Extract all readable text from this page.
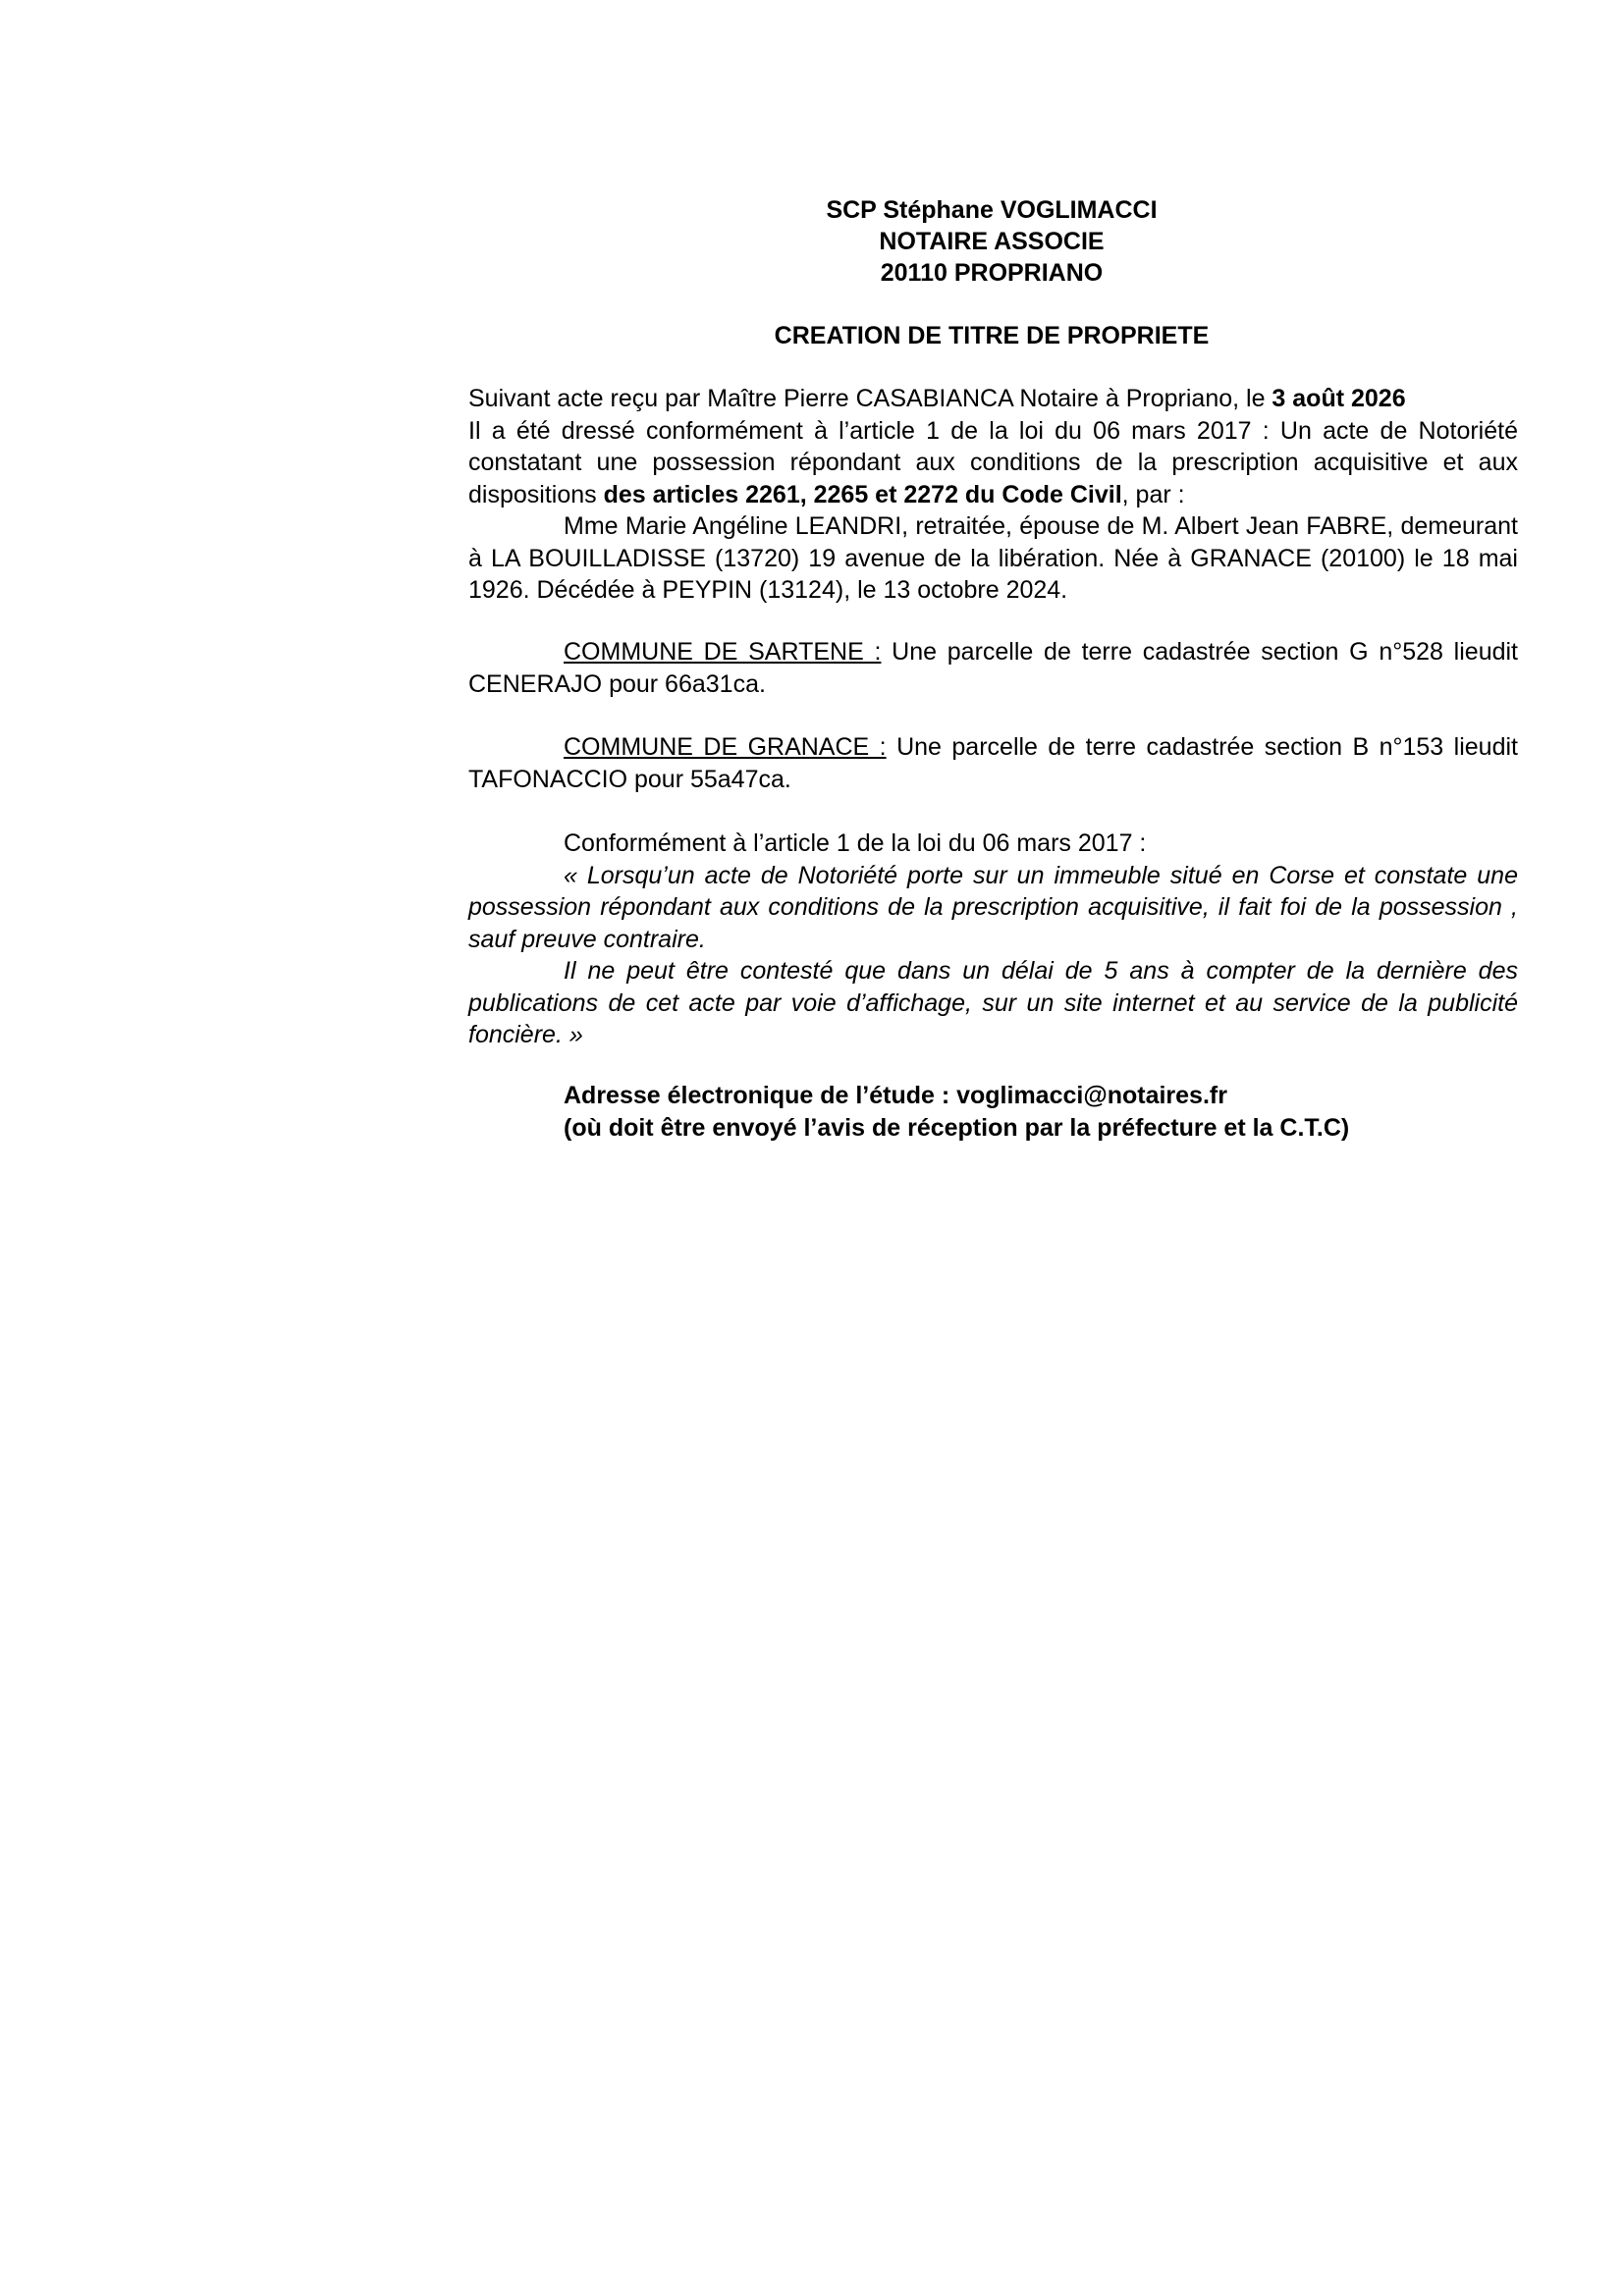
SCP Stéphane VOGLIMACCI
NOTAIRE ASSOCIE
20110 PROPRIANO
CREATION DE TITRE DE PROPRIETE
Suivant acte reçu par Maître Pierre CASABIANCA Notaire à Propriano, le 3 août 2026
Il a été dressé conformément à l’article 1 de la loi du 06 mars 2017 : Un acte de Notoriété constatant une possession répondant aux conditions de la prescription acquisitive et aux dispositions des articles 2261, 2265 et 2272 du Code Civil, par :
Mme Marie Angéline LEANDRI, retraitée, épouse de M. Albert Jean FABRE, demeurant à LA BOUILLADISSE (13720) 19 avenue de la libération. Née à GRANACE (20100) le 18 mai 1926. Décédée à PEYPIN (13124), le 13 octobre 2024.
COMMUNE DE SARTENE : Une parcelle de terre cadastrée section G n°528 lieudit CENERAJO pour 66a31ca.
COMMUNE DE GRANACE : Une parcelle de terre cadastrée section B n°153 lieudit TAFONACCIO pour 55a47ca.
Conformément à l’article 1 de la loi du 06 mars 2017 :
« Lorsqu’un acte de Notoriété porte sur un immeuble situé en Corse et constate une possession répondant aux conditions de la prescription acquisitive, il fait foi de la possession , sauf preuve contraire.
Il ne peut être contesté que dans un délai de 5 ans à compter de la dernière des publications de cet acte par voie d’affichage, sur un site internet et au service de la publicité foncière. »
Adresse électronique de l’étude : voglimacci@notaires.fr
(où doit être envoyé l’avis de réception par la préfecture et la C.T.C)
